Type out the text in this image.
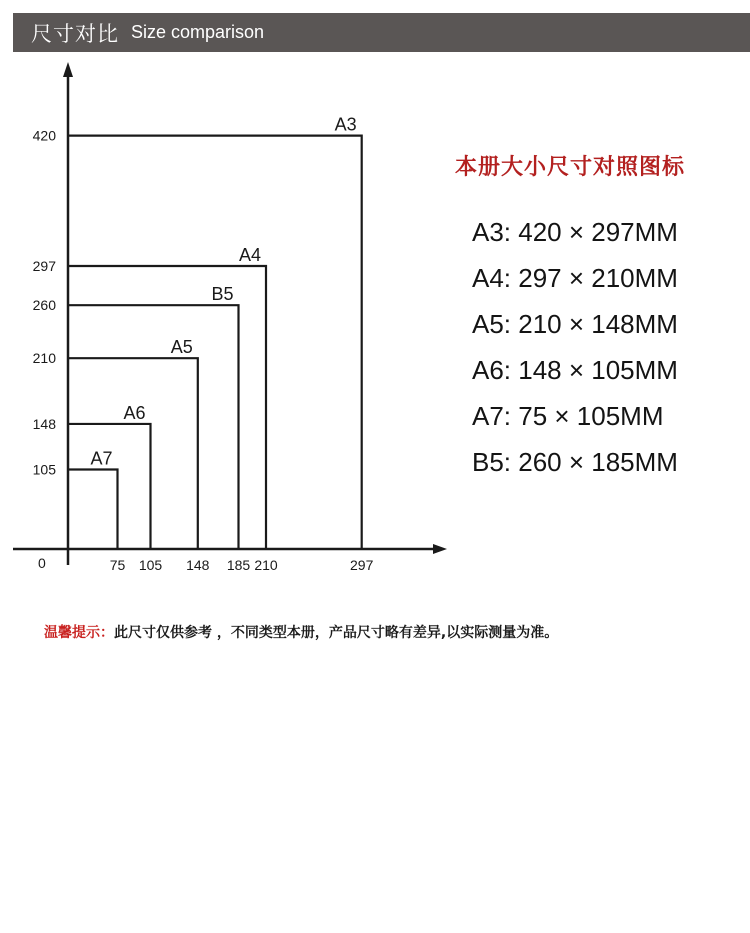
尺寸对比 Size comparison
0
A3
A4
B5
A5
A6
A7
420
297
260
210
148
105
75 105 148 185 210	297
本册大小尺寸对照图标
A3: 420 × 297MM
A4: 297 × 210MM
A5: 210 × 148MM
A6: 148 × 105MM
A7: 75 × 105MM
B5: 260 × 185MM
温馨提示：此尺寸仅供参考 ，不同类型本册，产品尺寸略有差异,以实际测量为准。
